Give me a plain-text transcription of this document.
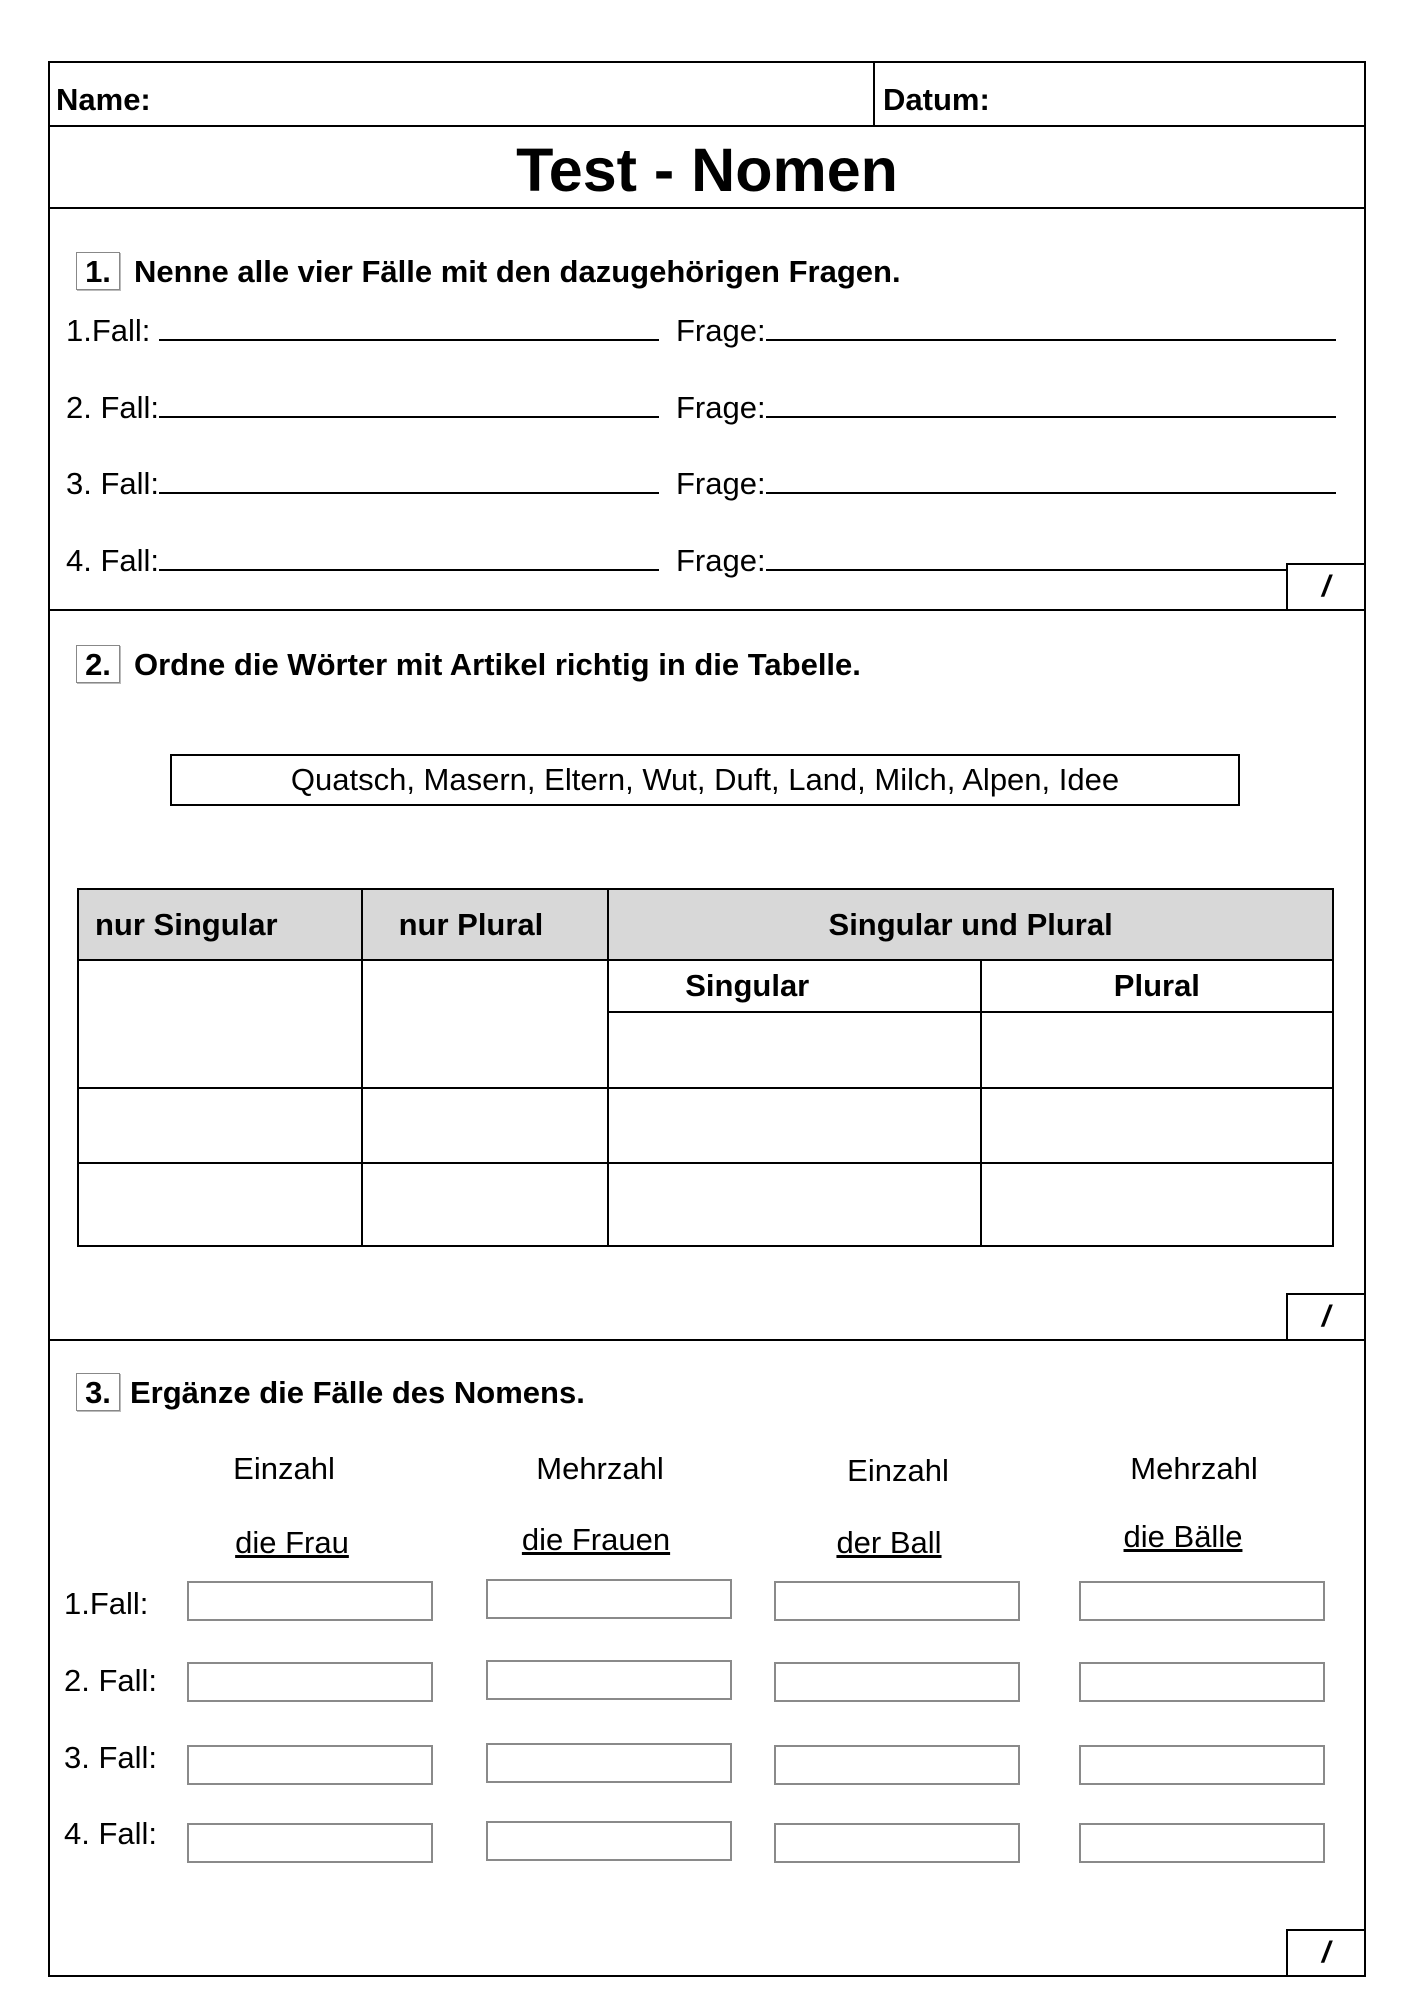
Name:	Datum:
Test - Nomen
1. Nenne alle vier Fälle mit den dazugehörigen Fragen.
1.Fall:	Frage:
2. Fall:	Frage:
3. Fall:	Frage:
4. Fall:	Frage:
/
2. Ordne die Wörter mit Artikel richtig in die Tabelle.
Quatsch, Masern, Eltern, Wut, Duft, Land, Milch, Alpen, Idee
nur Singular	nur Plural	Singular und Plural	
		Singular	Plural

/
3. Ergänze die Fälle des Nomens.
Einzahl	Mehrzahl	Einzahl	Mehrzahl
die Frau	die Frauen	der Ball	die Bälle
1.Fall:
2. Fall:
3. Fall:
4. Fall:
/
